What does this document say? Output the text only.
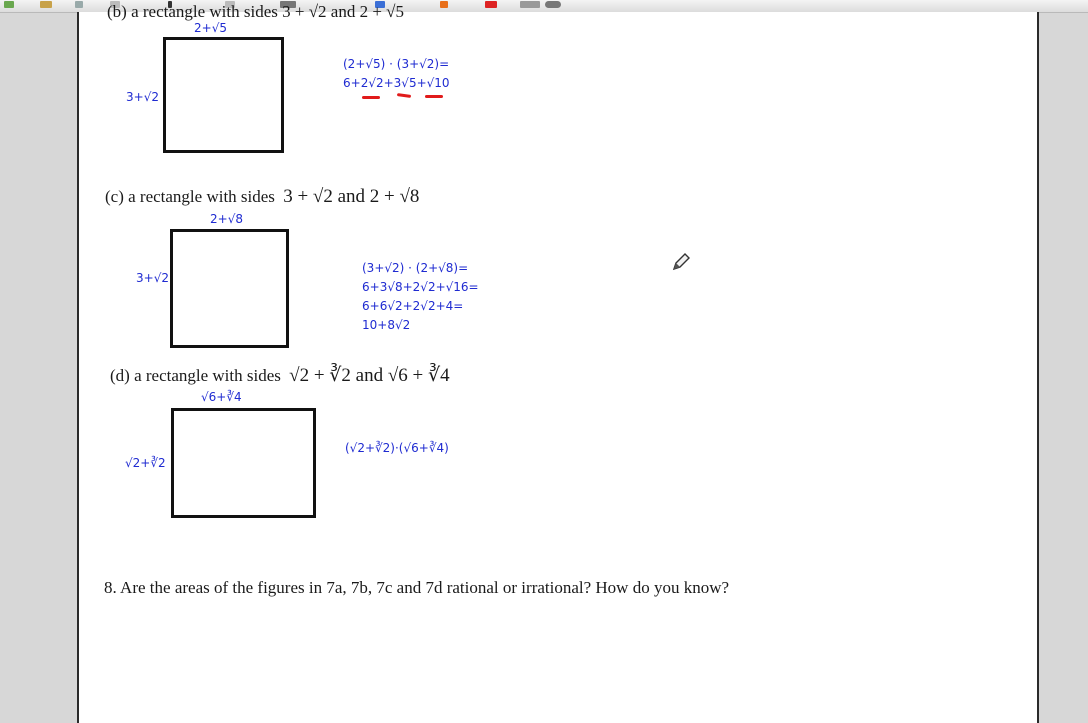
(b) a rectangle with sides 3 + √2 and 2 + √5
2+√5
3+√2
(2+√5) · (3+√2)=
6+2√2+3√5+√10
(c) a rectangle with sides 3 + √2 and 2 + √8
2+√8
3+√2
(3+√2) · (2+√8)=
6+3√8+2√2+√16=
6+6√2+2√2+4=
10+8√2
(d) a rectangle with sides √2 + ∛2 and √6 + ∛4
√6+∛4
√2+∛2
(√2+∛2)·(√6+∛4)
8. Are the areas of the figures in 7a, 7b, 7c and 7d rational or irrational? How do you know?
